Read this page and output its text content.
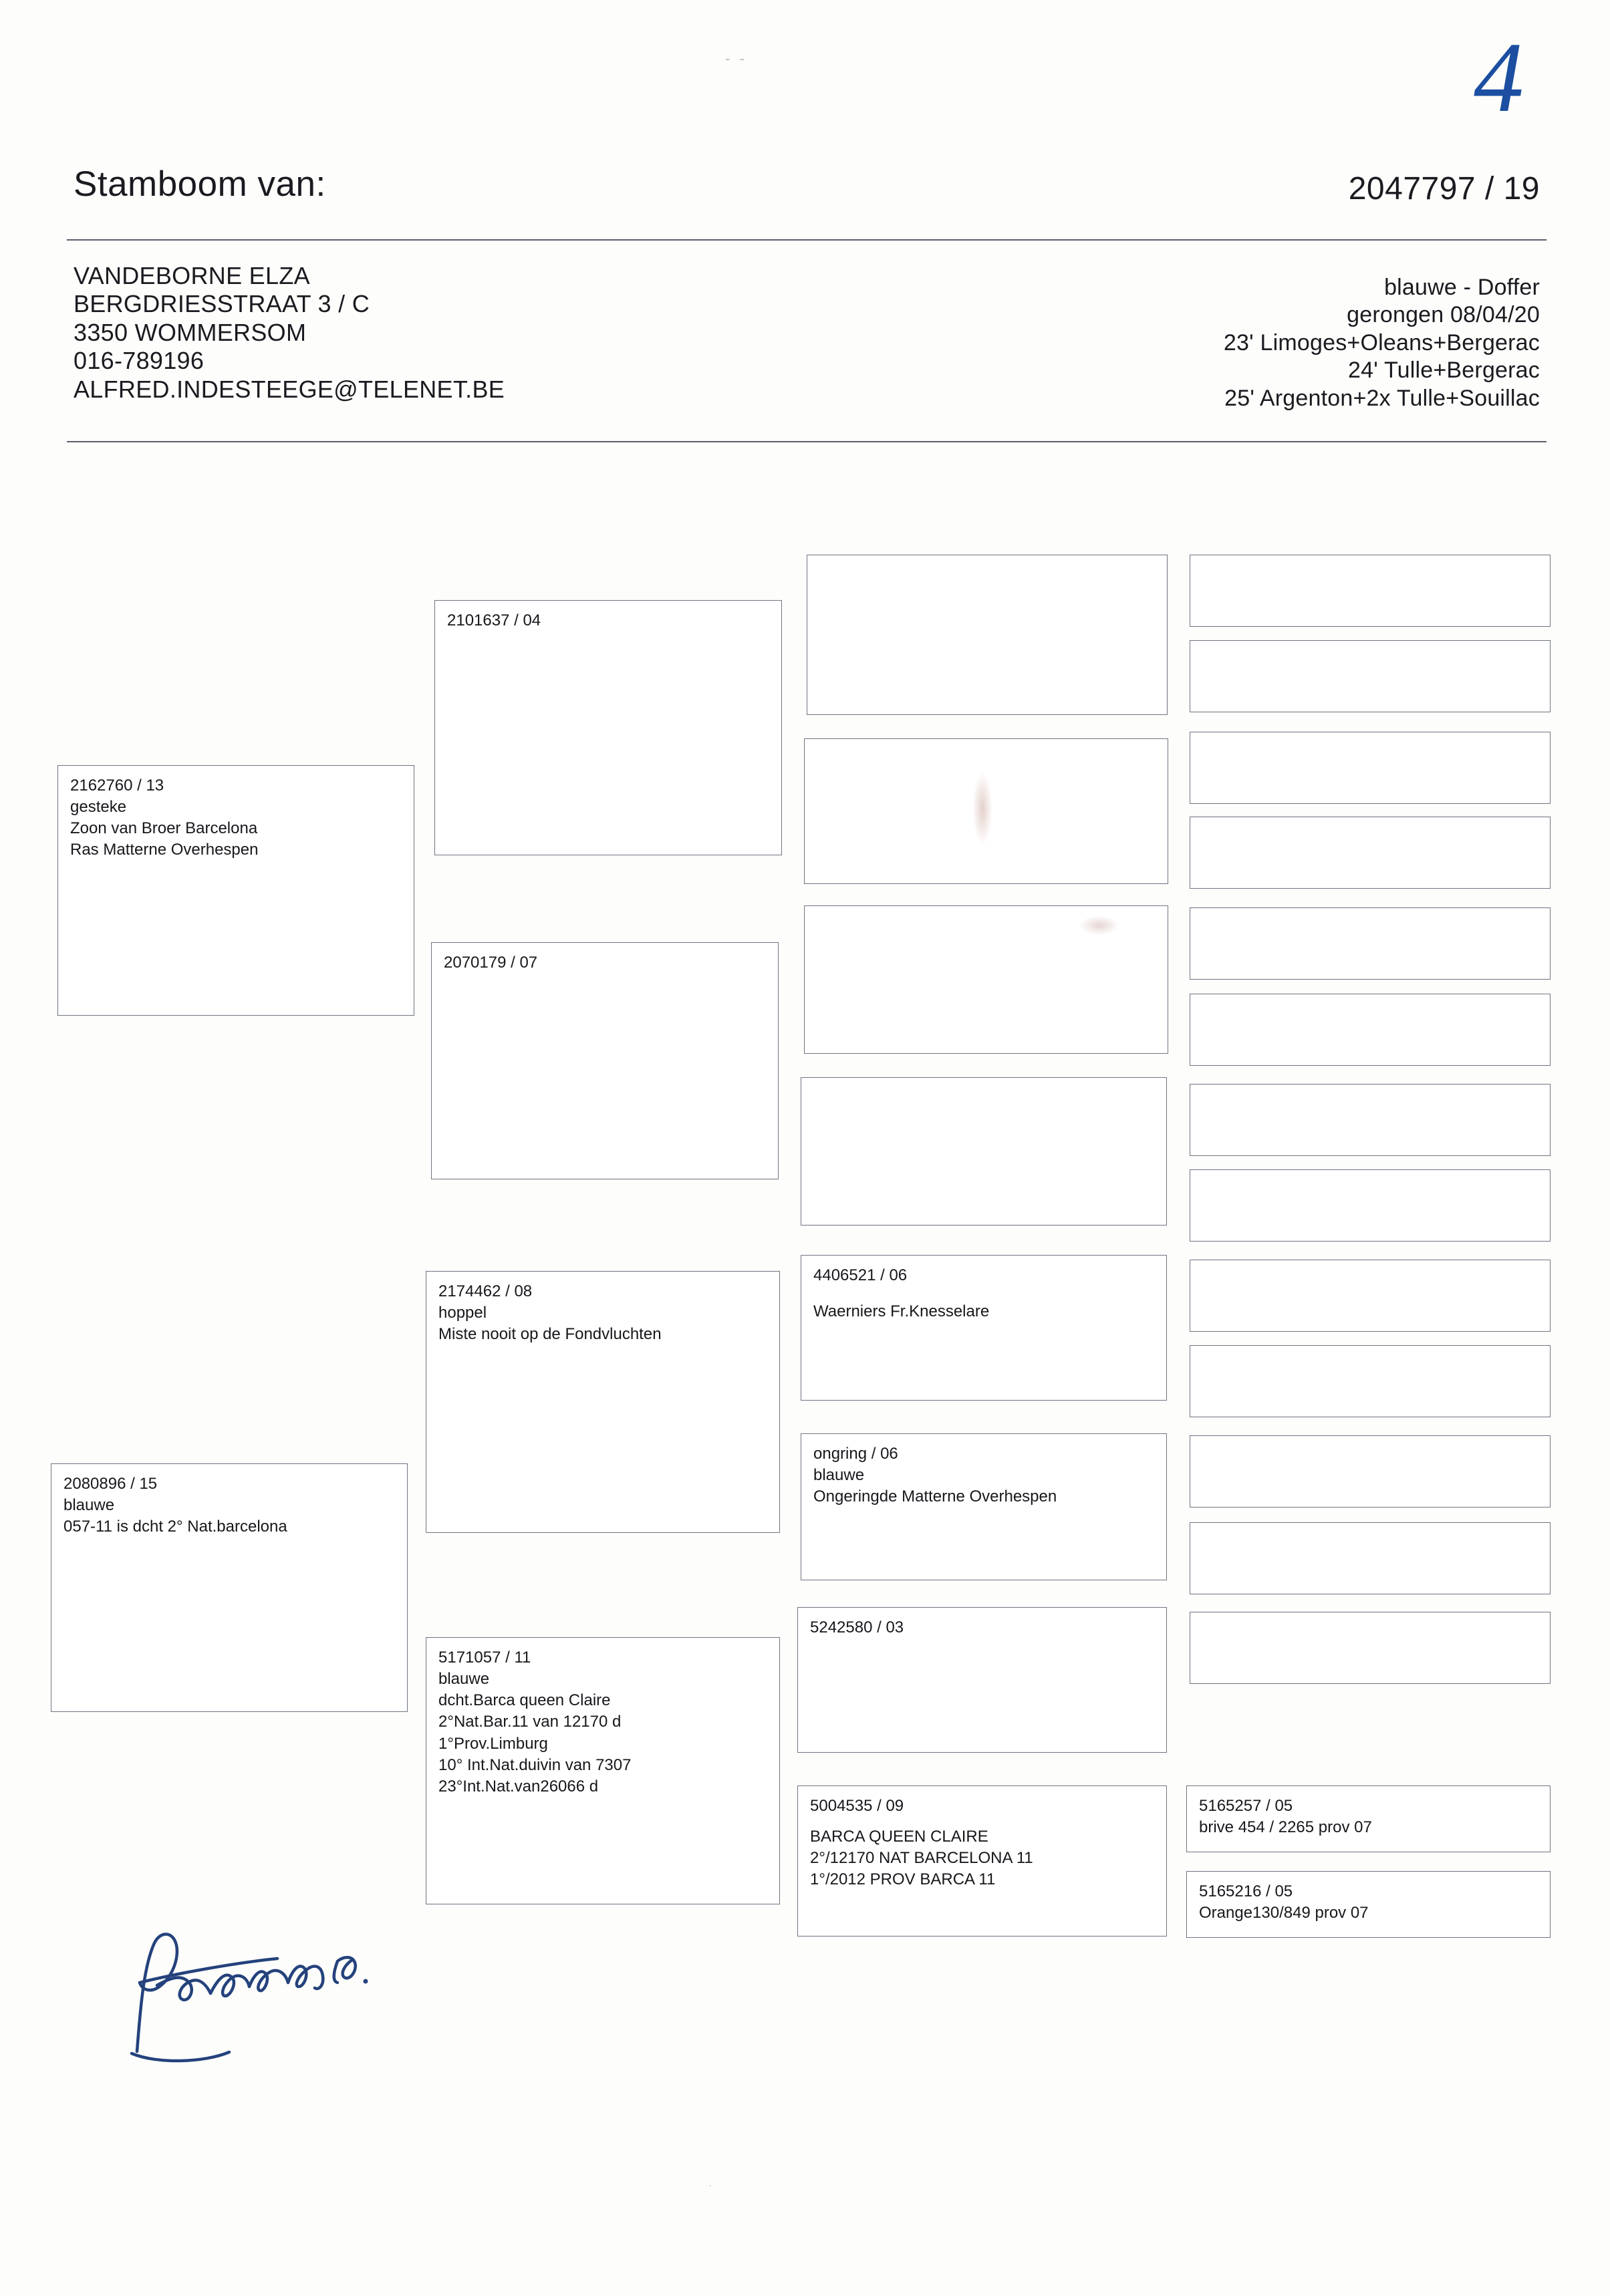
4
- -
Stamboom van:	2047797 / 19
VANDEBORNE ELZA
BERGDRIESSTRAAT 3 / C
3350 WOMMERSOM
016-789196
ALFRED.INDESTEEGE@TELENET.BE
blauwe - Doffer
gerongen 08/04/20
23' Limoges+Oleans+Bergerac
24' Tulle+Bergerac
25' Argenton+2x Tulle+Souillac
2162760 / 13
gesteke
Zoon van Broer Barcelona
Ras Matterne Overhespen
2080896 / 15
blauwe
057-11 is dcht 2° Nat.barcelona
2101637 / 04
2070179 / 07
2174462 / 08
hoppel
Miste nooit op de Fondvluchten
5171057 / 11
blauwe
dcht.Barca queen Claire
2°Nat.Bar.11 van 12170 d
1°Prov.Limburg
10° Int.Nat.duivin van 7307
23°Int.Nat.van26066 d
4406521 / 06
Waerniers Fr.Knesselare
ongring / 06
blauwe
Ongeringde Matterne Overhespen
5242580 / 03
5004535 / 09
BARCA QUEEN CLAIRE
2°/12170 NAT BARCELONA 11
1°/2012 PROV BARCA 11
5165257 / 05
brive 454 / 2265 prov 07
5165216 / 05
Orange130/849 prov 07
.
